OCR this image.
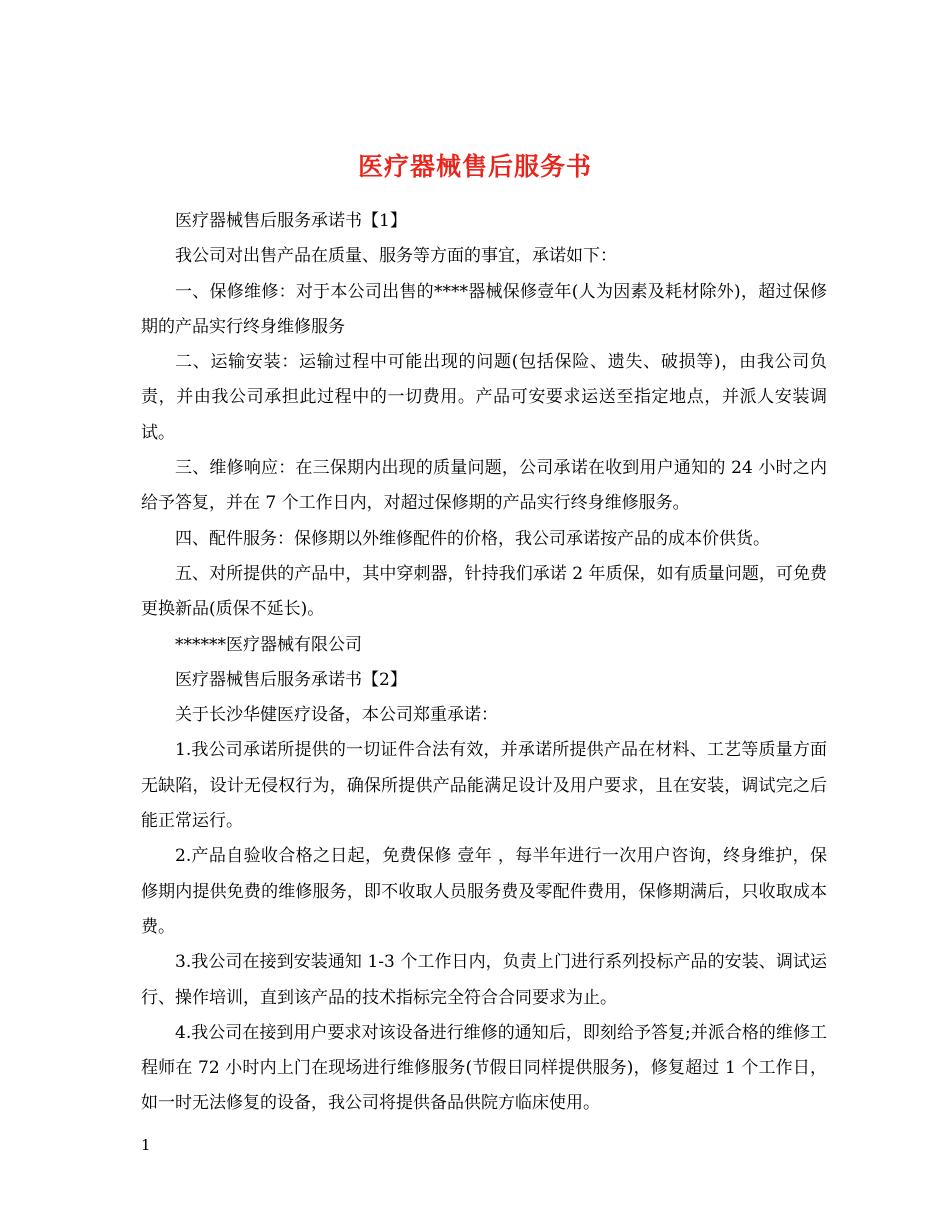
医疗器械售后服务书

医疗器械售后服务承诺书【1】

我公司对出售产品在质量、服务等方面的事宜，承诺如下：

一、保修维修：对于本公司出售的****器械保修壹年(人为因素及耗材除外)，超过保修期的产品实行终身维修服务

二、运输安装：运输过程中可能出现的问题(包括保险、遗失、破损等)，由我公司负责，并由我公司承担此过程中的一切费用。产品可安要求运送至指定地点，并派人安装调试。

三、维修响应：在三保期内出现的质量问题，公司承诺在收到用户通知的 24 小时之内给予答复，并在 7 个工作日内，对超过保修期的产品实行终身维修服务。

四、配件服务：保修期以外维修配件的价格，我公司承诺按产品的成本价供货。

五、对所提供的产品中，其中穿刺器，针持我们承诺 2 年质保，如有质量问题，可免费更换新品(质保不延长)。

******医疗器械有限公司

医疗器械售后服务承诺书【2】

关于长沙华健医疗设备，本公司郑重承诺：

1.我公司承诺所提供的一切证件合法有效，并承诺所提供产品在材料、工艺等质量方面无缺陷，设计无侵权行为，确保所提供产品能满足设计及用户要求，且在安装，调试完之后能正常运行。

2.产品自验收合格之日起，免费保修 壹年 ，每半年进行一次用户咨询，终身维护，保修期内提供免费的维修服务，即不收取人员服务费及零配件费用，保修期满后，只收取成本费。

3.我公司在接到安装通知 1-3 个工作日内，负责上门进行系列投标产品的安装、调试运行、操作培训，直到该产品的技术指标完全符合合同要求为止。

4.我公司在接到用户要求对该设备进行维修的通知后，即刻给予答复;并派合格的维修工程师在 72 小时内上门在现场进行维修服务(节假日同样提供服务)，修复超过 1 个工作日，如一时无法修复的设备，我公司将提供备品供院方临床使用。

1
